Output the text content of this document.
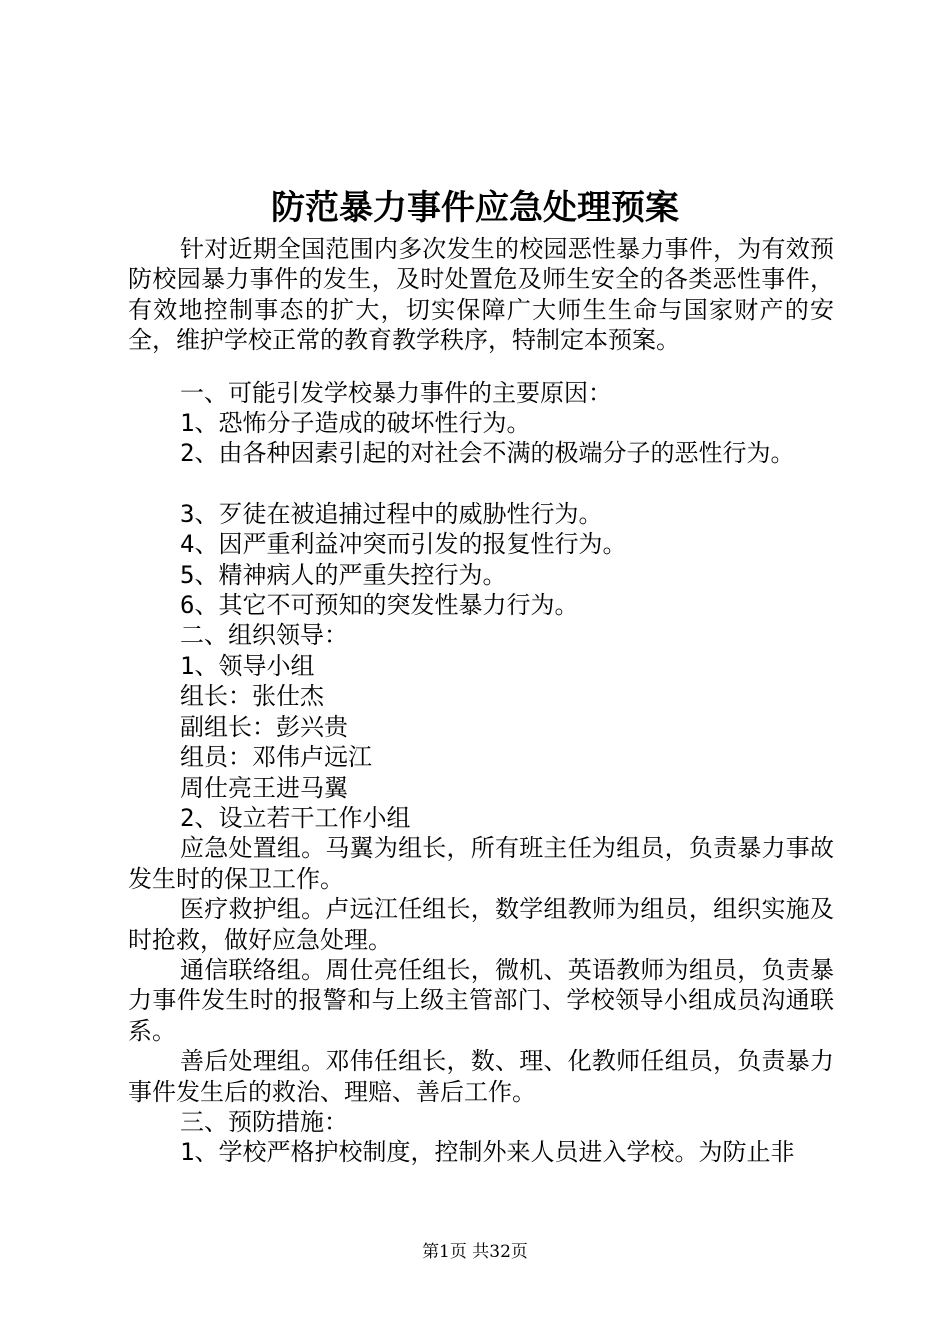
防范暴力事件应急处理预案

针对近期全国范围内多次发生的校园恶性暴力事件，为有效预防校园暴力事件的发生，及时处置危及师生安全的各类恶性事件，有效地控制事态的扩大，切实保障广大师生生命与国家财产的安全，维护学校正常的教育教学秩序，特制定本预案。

一、可能引发学校暴力事件的主要原因：

1、恐怖分子造成的破坏性行为。

2、由各种因素引起的对社会不满的极端分子的恶性行为。

3、歹徒在被追捕过程中的威胁性行为。

4、因严重利益冲突而引发的报复性行为。

5、精神病人的严重失控行为。

6、其它不可预知的突发性暴力行为。

二、组织领导：

1、领导小组

组长：张仕杰

副组长：彭兴贵

组员：邓伟卢远江

周仕亮王进马翼

2、设立若干工作小组

应急处置组。马翼为组长，所有班主任为组员，负责暴力事故发生时的保卫工作。

医疗救护组。卢远江任组长，数学组教师为组员，组织实施及时抢救，做好应急处理。

通信联络组。周仕亮任组长，微机、英语教师为组员，负责暴力事件发生时的报警和与上级主管部门、学校领导小组成员沟通联系。

善后处理组。邓伟任组长，数、理、化教师任组员，负责暴力事件发生后的救治、理赔、善后工作。

三、预防措施：

1、学校严格护校制度，控制外来人员进入学校。为防止非

第1页 共32页
